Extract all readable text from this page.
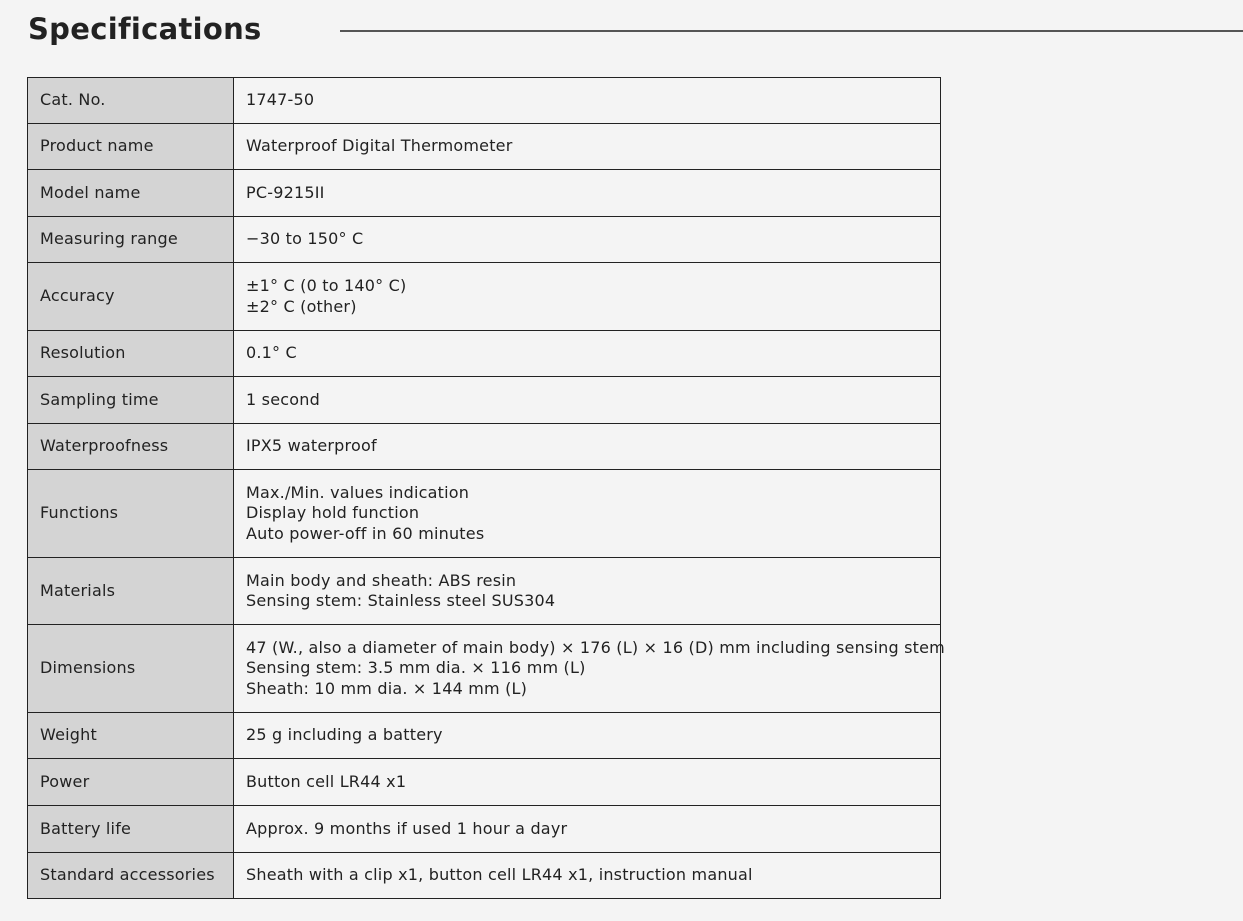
Specifications
Cat. No.	1747-50

Product name	Waterproof Digital Thermometer

Model name	PC-9215II

Measuring range	−30 to 150° C

Accuracy	±1° C (0 to 140° C)
±2° C (other)

Resolution	0.1° C

Sampling time	1 second

Waterproofness	IPX5 waterproof

Functions	Max./Min. values indication
Display hold function
Auto power-off in 60 minutes

Materials	Main body and sheath: ABS resin
Sensing stem: Stainless steel SUS304

Dimensions	47 (W., also a diameter of main body) × 176 (L) × 16 (D) mm including sensing stem
Sensing stem: 3.5 mm dia. × 116 mm (L)
Sheath: 10 mm dia. × 144 mm (L)

Weight	25 g including a battery

Power	Button cell LR44 x1

Battery life	Approx. 9 months if used 1 hour a dayr

Standard accessories	Sheath with a clip x1, button cell LR44 x1, instruction manual
